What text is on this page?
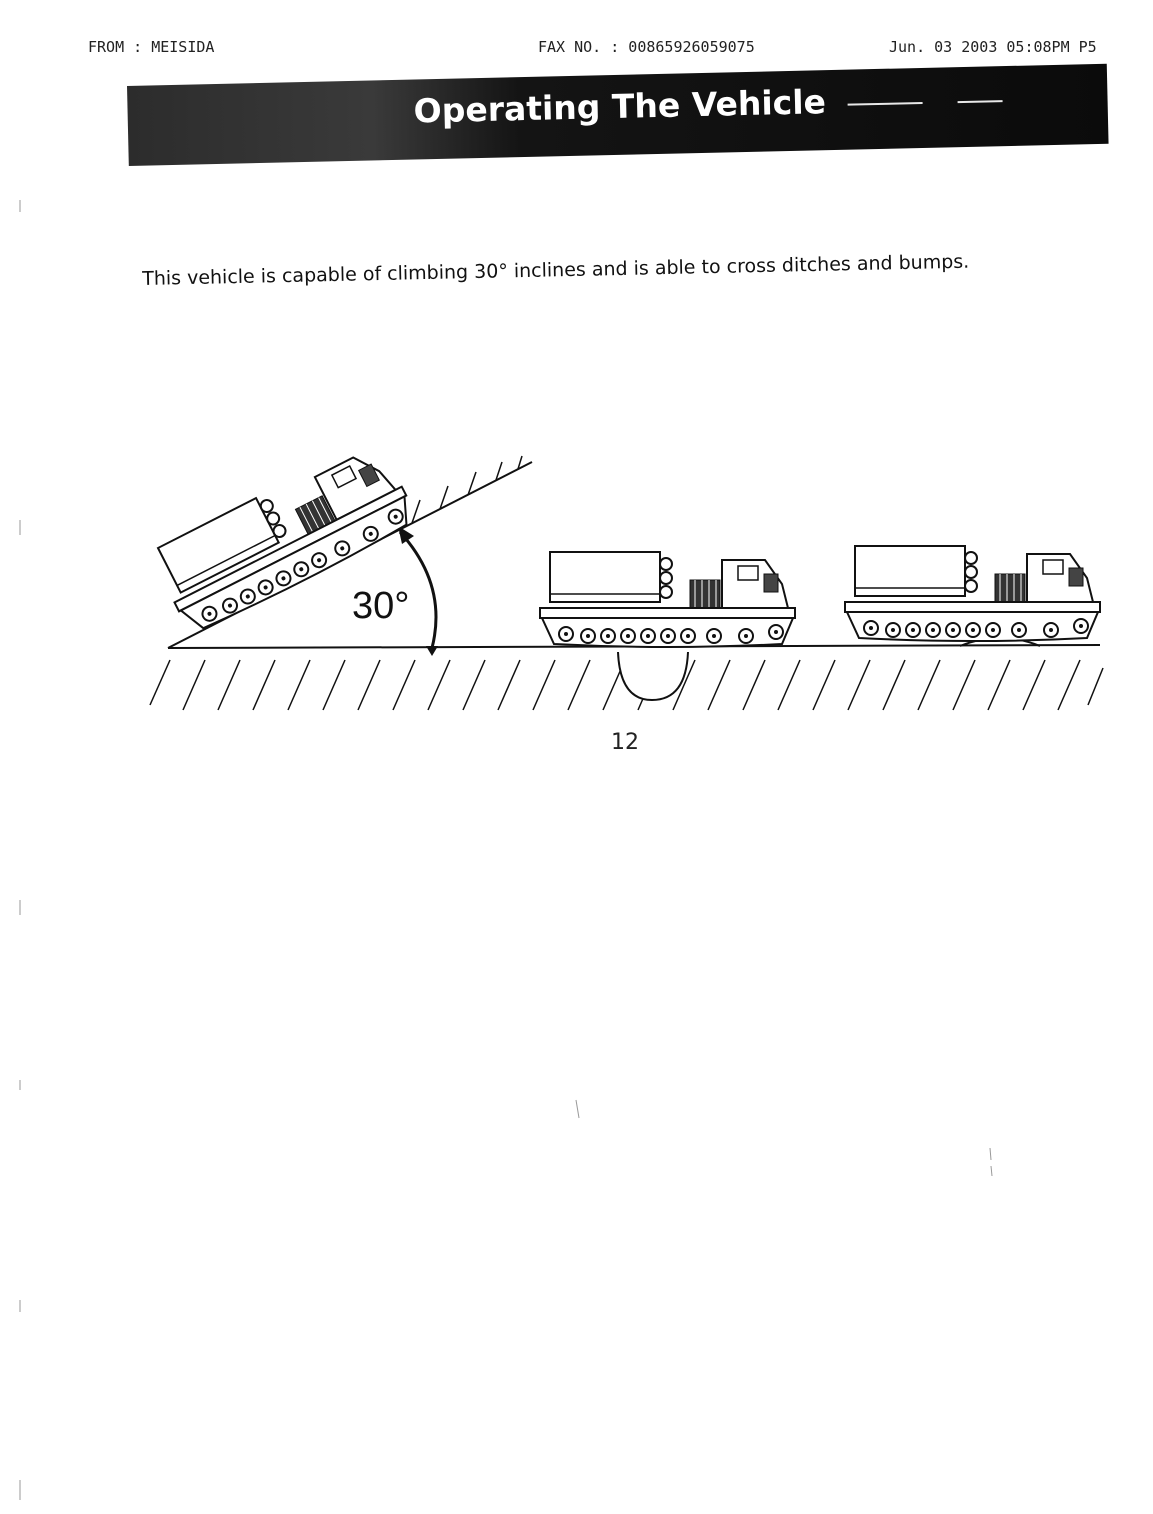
FROM : MEISIDA	FAX NO. : 00865926059075	Jun. 03 2003 05:08PM P5
Operating The Vehicle
This vehicle is capable of climbing 30° inclines and is able to cross ditches and bumps.
30°
12
